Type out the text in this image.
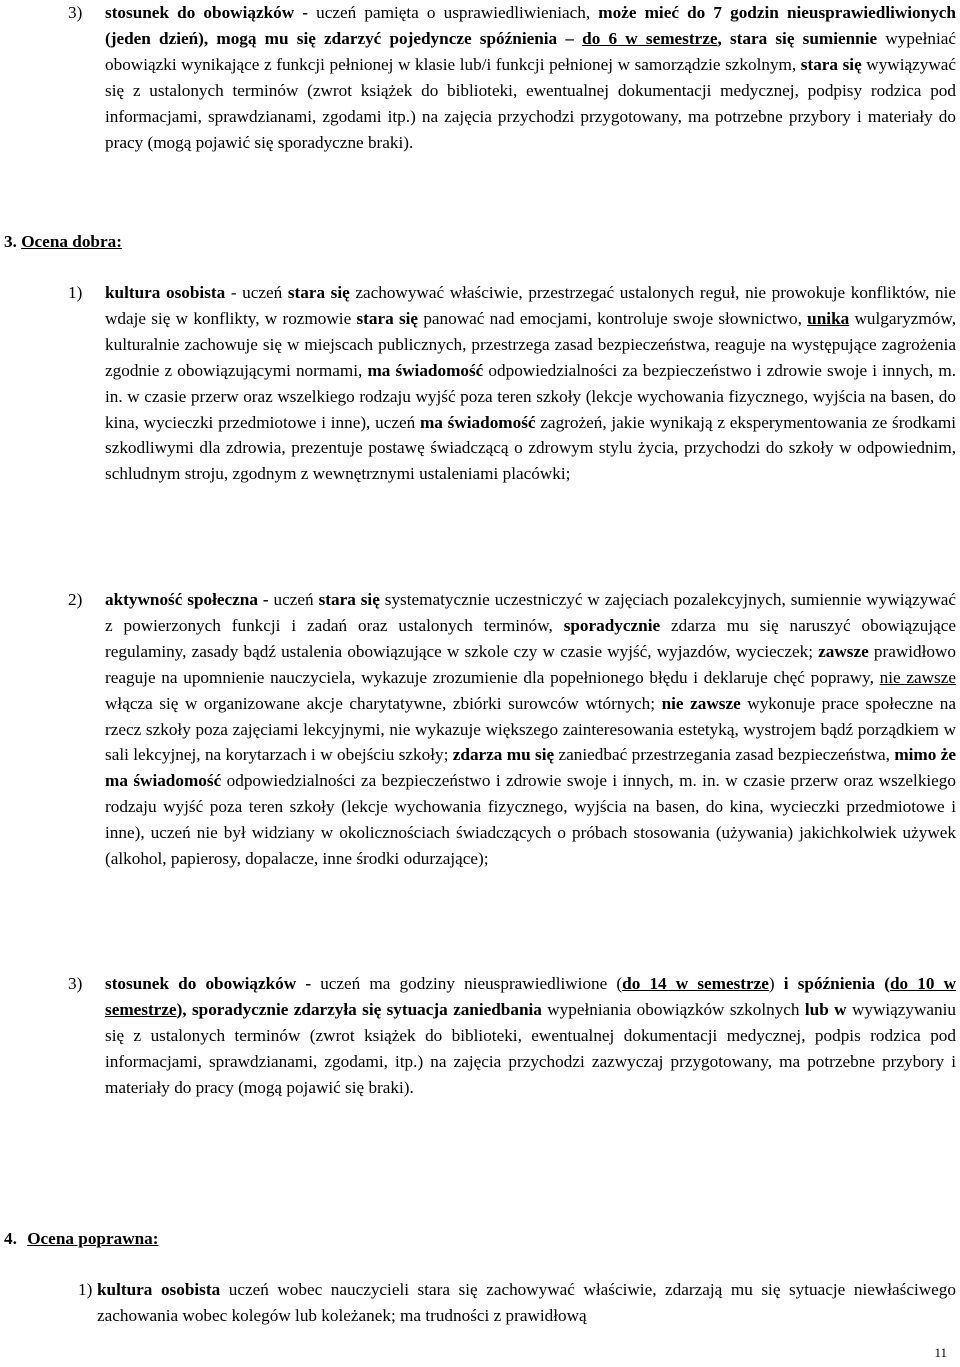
3)	stosunek do obowiązków - uczeń pamięta o usprawiedliwieniach, może mieć do 7 godzin nieusprawiedliwionych (jeden dzień), mogą mu się zdarzyć pojedyncze spóźnienia – do 6 w semestrze, stara się sumiennie wypełniać obowiązki wynikające z funkcji pełnionej w klasie lub/i funkcji pełnionej w samorządzie szkolnym, stara się wywiązywać się z ustalonych terminów (zwrot książek do biblioteki, ewentualnej dokumentacji medycznej, podpisy rodzica pod informacjami, sprawdzianami, zgodami itp.) na zajęcia przychodzi przygotowany, ma potrzebne przybory i materiały do pracy (mogą pojawić się sporadyczne braki).
3. Ocena dobra:
1)	kultura osobista - uczeń stara się zachowywać właściwie, przestrzegać ustalonych reguł, nie prowokuje konfliktów, nie wdaje się w konflikty, w rozmowie stara się panować nad emocjami, kontroluje swoje słownictwo, unika wulgaryzmów, kulturalnie zachowuje się w miejscach publicznych, przestrzega zasad bezpieczeństwa, reaguje na występujące zagrożenia zgodnie z obowiązującymi normami, ma świadomość odpowiedzialności za bezpieczeństwo i zdrowie swoje i innych, m. in. w czasie przerw oraz wszelkiego rodzaju wyjść poza teren szkoły (lekcje wychowania fizycznego, wyjścia na basen, do kina, wycieczki przedmiotowe i inne), uczeń ma świadomość zagrożeń, jakie wynikają z eksperymentowania ze środkami szkodliwymi dla zdrowia, prezentuje postawę świadczącą o zdrowym stylu życia, przychodzi do szkoły w odpowiednim, schludnym stroju, zgodnym z wewnętrznymi ustaleniami placówki;
2)	aktywność społeczna - uczeń stara się systematycznie uczestniczyć w zajęciach pozalekcyjnych, sumiennie wywiązywać z powierzonych funkcji i zadań oraz ustalonych terminów, sporadycznie zdarza mu się naruszyć obowiązujące regulaminy, zasady bądź ustalenia obowiązujące w szkole czy w czasie wyjść, wyjazdów, wycieczek; zawsze prawidłowo reaguje na upomnienie nauczyciela, wykazuje zrozumienie dla popełnionego błędu i deklaruje chęć poprawy, nie zawsze włącza się w organizowane akcje charytatywne, zbiórki surowców wtórnych; nie zawsze wykonuje prace społeczne na rzecz szkoły poza zajęciami lekcyjnymi, nie wykazuje większego zainteresowania estetyką, wystrojem bądź porządkiem w sali lekcyjnej, na korytarzach i w obejściu szkoły; zdarza mu się zaniedbać przestrzegania zasad bezpieczeństwa, mimo że ma świadomość odpowiedzialności za bezpieczeństwo i zdrowie swoje i innych, m. in. w czasie przerw oraz wszelkiego rodzaju wyjść poza teren szkoły (lekcje wychowania fizycznego, wyjścia na basen, do kina, wycieczki przedmiotowe i inne), uczeń nie był widziany w okolicznościach świadczących o próbach stosowania (używania) jakichkolwiek używek (alkohol, papierosy, dopalacze, inne środki odurzające);
3)	stosunek do obowiązków - uczeń ma godziny nieusprawiedliwione (do 14 w semestrze) i spóźnienia (do 10 w semestrze), sporadycznie zdarzyła się sytuacja zaniedbania wypełniania obowiązków szkolnych lub w wywiązywaniu się z ustalonych terminów (zwrot książek do biblioteki, ewentualnej dokumentacji medycznej, podpis rodzica pod informacjami, sprawdzianami, zgodami, itp.) na zajęcia przychodzi zazwyczaj przygotowany, ma potrzebne przybory i materiały do pracy (mogą pojawić się braki).
4. Ocena poprawna:
1) kultura osobista uczeń wobec nauczycieli stara się zachowywać właściwie, zdarzają mu się sytuacje niewłaściwego zachowania wobec kolegów lub koleżanek; ma trudności z prawidłową
11
